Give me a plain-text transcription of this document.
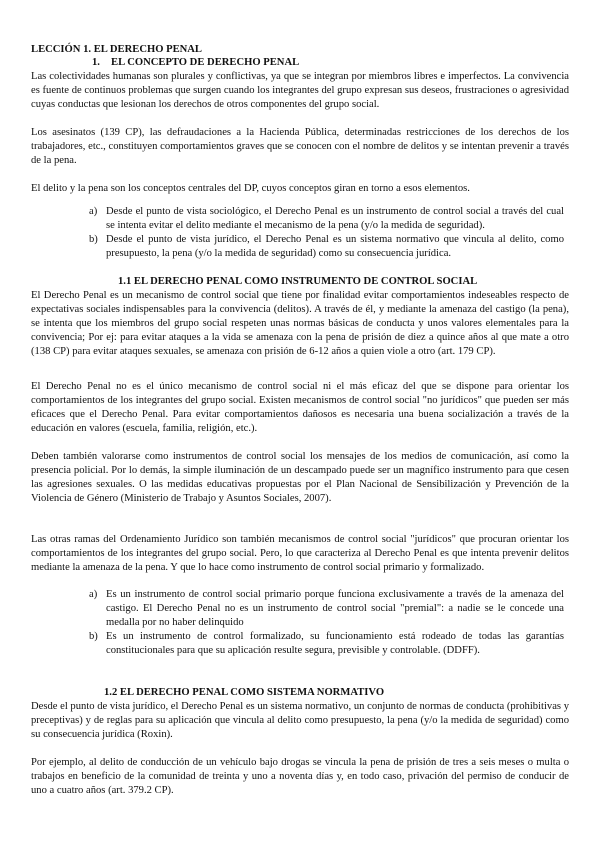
LECCIÓN 1. EL DERECHO PENAL

1. EL CONCEPTO DE DERECHO PENAL

Las colectividades humanas son plurales y conflictivas, ya que se integran por miembros libres e imperfectos. La convivencia es fuente de continuos problemas que surgen cuando los integrantes del grupo expresan sus deseos, frustraciones o agresividad cuyas conductas que lesionan los derechos de otros componentes del grupo social.

Los asesinatos (139 CP), las defraudaciones a la Hacienda Pública, determinadas restricciones de los derechos de los trabajadores, etc., constituyen comportamientos graves que se conocen con el nombre de delitos y se intentan prevenir a través de la pena.

El delito y la pena son los conceptos centrales del DP, cuyos conceptos giran en torno a esos elementos.

a) Desde el punto de vista sociológico, el Derecho Penal es un instrumento de control social a través del cual se intenta evitar el delito mediante el mecanismo de la pena (y/o la medida de seguridad).

b) Desde el punto de vista jurídico, el Derecho Penal es un sistema normativo que vincula al delito, como presupuesto, la pena (y/o la medida de seguridad) como su consecuencia jurídica.

1.1 EL DERECHO PENAL COMO INSTRUMENTO DE CONTROL SOCIAL

El Derecho Penal es un mecanismo de control social que tiene por finalidad evitar comportamientos indeseables respecto de expectativas sociales indispensables para la convivencia (delitos). A través de él, y mediante la amenaza del castigo (la pena), se intenta que los miembros del grupo social respeten unas normas básicas de conducta y unos valores elementales para la convivencia; Por ej: para evitar ataques a la vida se amenaza con la pena de prisión de diez a quince años al que mate a otro (138 CP) para evitar ataques sexuales, se amenaza con prisión de 6-12 años a quien viole a otro (art. 179 CP).

El Derecho Penal no es el único mecanismo de control social ni el más eficaz del que se dispone para orientar los comportamientos de los integrantes del grupo social. Existen mecanismos de control social "no jurídicos" que pueden ser más eficaces que el Derecho Penal. Para evitar comportamientos dañosos es necesaria una buena socialización a través de la educación en valores (escuela, familia, religión, etc.).

Deben también valorarse como instrumentos de control social los mensajes de los medios de comunicación, así como la presencia policial. Por lo demás, la simple iluminación de un descampado puede ser un magnífico instrumento para que cesen las agresiones sexuales. O las medidas educativas propuestas por el Plan Nacional de Sensibilización y Prevención de la Violencia de Género (Ministerio de Trabajo y Asuntos Sociales, 2007).

Las otras ramas del Ordenamiento Jurídico son también mecanismos de control social "jurídicos" que procuran orientar los comportamientos de los integrantes del grupo social. Pero, lo que caracteriza al Derecho Penal es que intenta prevenir delitos mediante la amenaza de la pena. Y que lo hace como instrumento de control social primario y formalizado.

a) Es un instrumento de control social primario porque funciona exclusivamente a través de la amenaza del castigo. El Derecho Penal no es un instrumento de control social "premial": a nadie se le concede una medalla por no haber delinquido

b) Es un instrumento de control formalizado, su funcionamiento está rodeado de todas las garantías constitucionales para que su aplicación resulte segura, previsible y controlable. (DDFF).

1.2 EL DERECHO PENAL COMO SISTEMA NORMATIVO

Desde el punto de vista jurídico, el Derecho Penal es un sistema normativo, un conjunto de normas de conducta (prohibitivas y preceptivas) y de reglas para su aplicación que vincula al delito como presupuesto, la pena (y/o la medida de seguridad) como su consecuencia jurídica (Roxin).

Por ejemplo, al delito de conducción de un vehículo bajo drogas se vincula la pena de prisión de tres a seis meses o multa o trabajos en beneficio de la comunidad de treinta y uno a noventa días y, en todo caso, privación del permiso de conducir de uno a cuatro años (art. 379.2 CP).
